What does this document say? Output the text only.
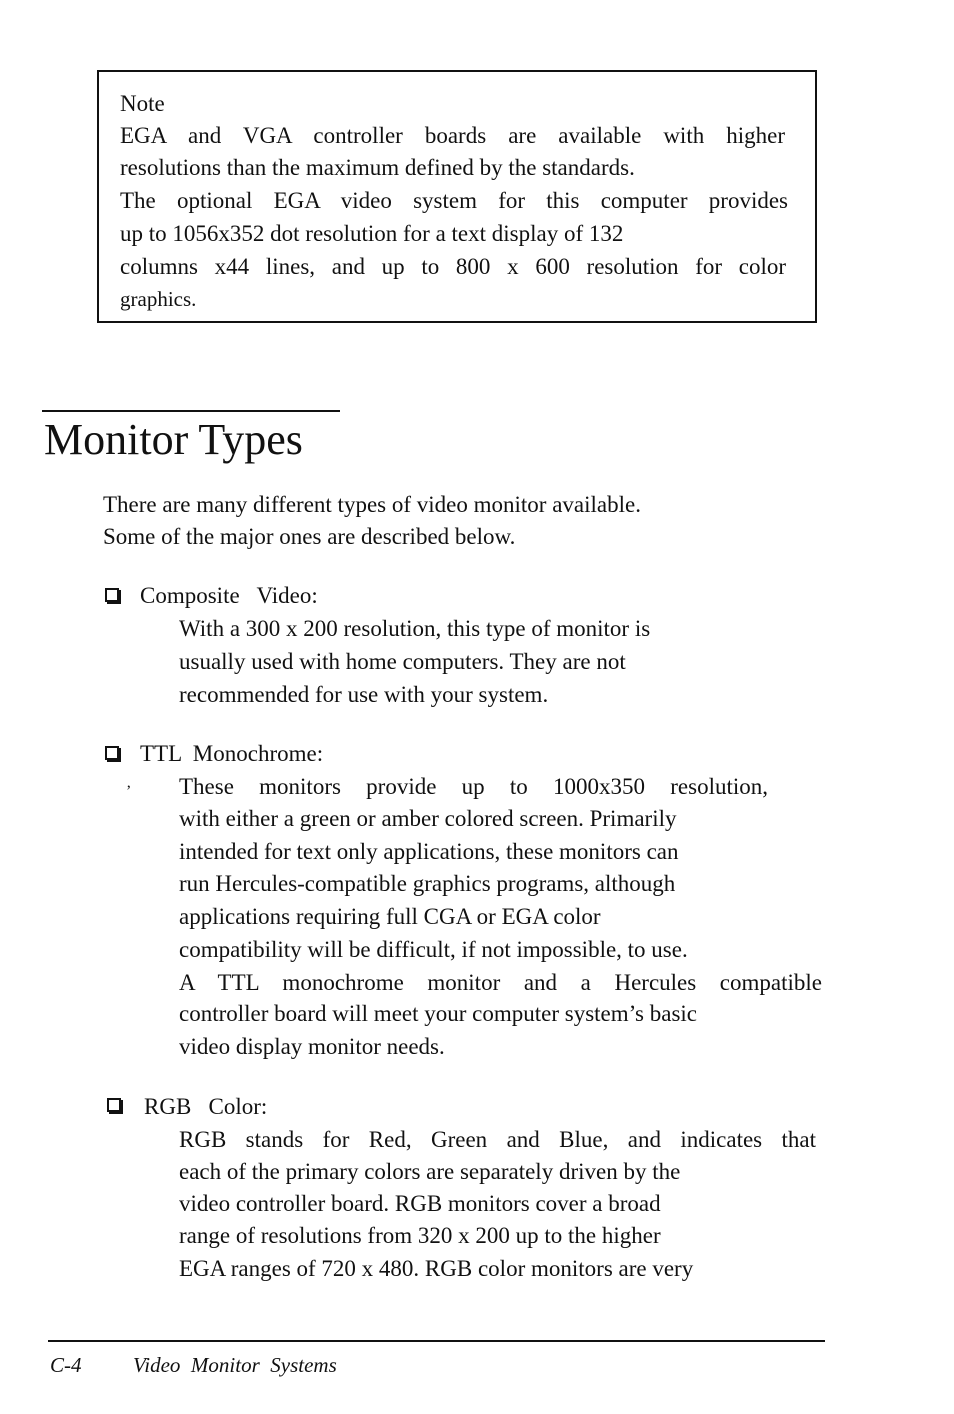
Note
EGA and VGA controller boards are available with higher
resolutions than the maximum defined by the standards.
The optional EGA video system for this computer provides
up to 1056x352 dot resolution for a text display of 132
columns x44 lines, and up to 800 x 600 resolution for color
graphics.
Monitor Types
There are many different types of video monitor available.
Some of the major ones are described below.
Composite   Video:
With a 300 x 200 resolution, this type of monitor is
usually used with home computers. They are not
recommended for use with your system.
TTL  Monochrome:
ʼ These monitors provide up to 1000x350 resolution,
with either a green or amber colored screen. Primarily
intended for text only applications, these monitors can
run Hercules-compatible graphics programs, although
applications requiring full CGA or EGA color
compatibility will be difficult, if not impossible, to use.
A TTL monochrome monitor and a Hercules compatible
controller board will meet your computer system’s basic
video display monitor needs.
RGB   Color:
RGB stands for Red, Green and Blue, and indicates that
each of the primary colors are separately driven by the
video controller board. RGB monitors cover a broad
range of resolutions from 320 x 200 up to the higher
EGA ranges of 720 x 480. RGB color monitors are very
C-4 Video  Monitor  Systems
